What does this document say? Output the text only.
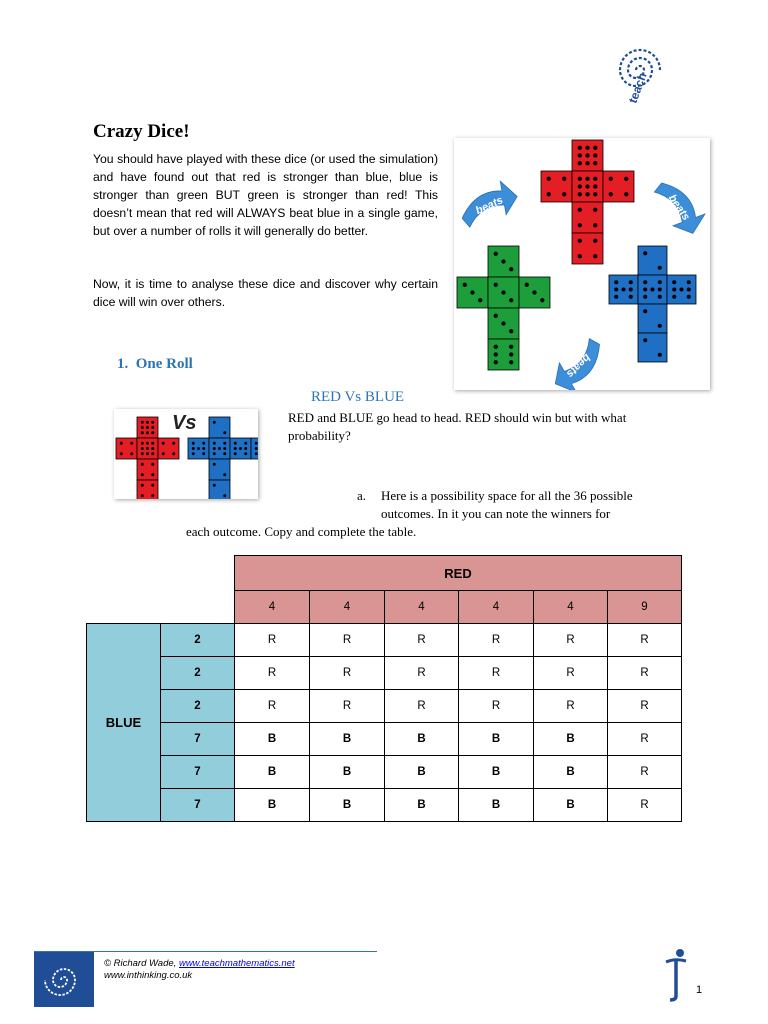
teach
Crazy Dice!

You should have played with these dice (or used the simulation) and have found out that red is stronger than blue, blue is stronger than green BUT green is stronger than red! This doesn’t mean that red will ALWAYS beat blue in a single game, but over a number of rolls it will generally do better.

Now, it is time to analyse these dice and discover why certain dice will win over others.

beats	beats
beats
1. One Roll
RED Vs BLUE
Vs	RED and BLUE go head to head. RED should win but with what probability?
a. Here is a possibility space for all the 36 possible outcomes. In it you can note the winners for
each outcome. Copy and complete the table.
		RED					
		4	4	4	4	4	9
BLUE	2	R	R	R	R	R	R
	2	R	R	R	R	R	R
	2	R	R	R	R	R	R
	7	B	B	B	B	B	R
	7	B	B	B	B	B	R
	7	B	B	B	B	B	R
© Richard Wade, www.teachmathematics.net
www.inthinking.co.uk
1
